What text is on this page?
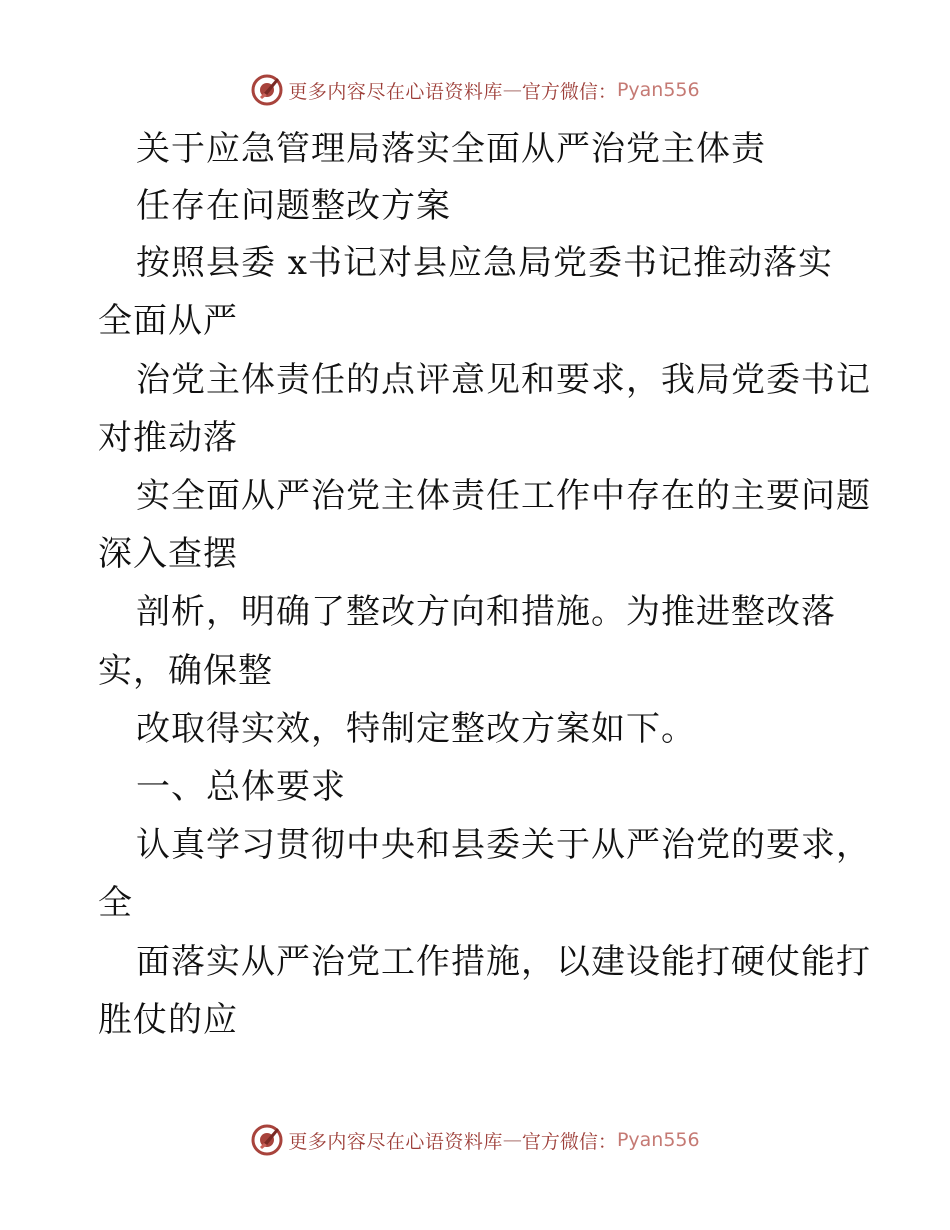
更多内容尽在心语资料库 — 官方微信： Pyan556
关于应急管理局落实全面从严治党主体责
任存在问题整改方案
按照县委 x书记对县应急局党委书记推动落实
全面从严
治党主体责任的点评意见和要求，我局党委书记
对推动落
实全面从严治党主体责任工作中存在的主要问题
深入查摆
剖析，明确了整改方向和措施。为推进整改落
实，确保整
改取得实效，特制定整改方案如下。
一、总体要求
认真学习贯彻中央和县委关于从严治党的要求，
全
面落实从严治党工作措施，以建设能打硬仗能打
胜仗的应
更多内容尽在心语资料库 — 官方微信： Pyan556
